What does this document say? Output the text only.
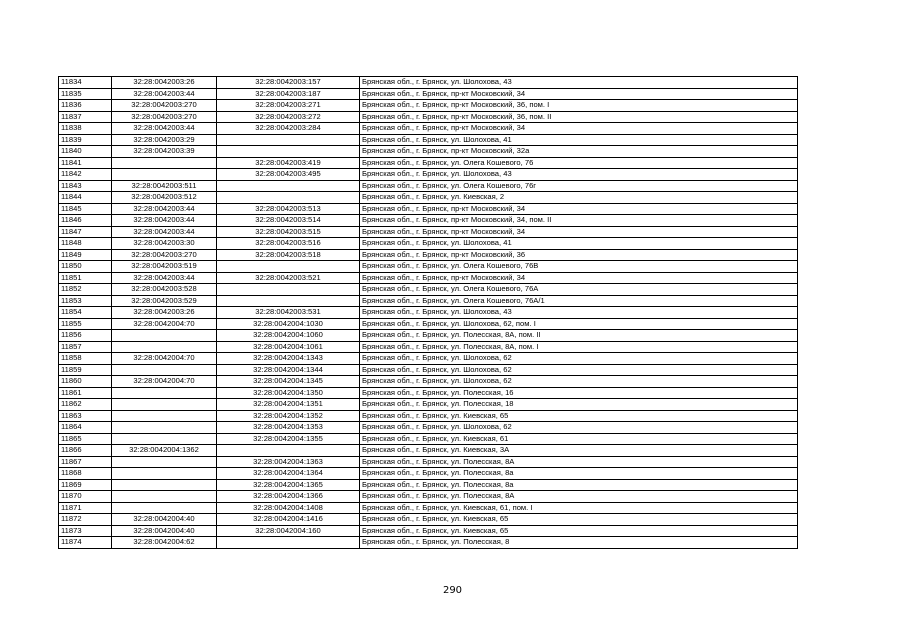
11834	32:28:0042003:26	32:28:0042003:157	Брянская обл., г. Брянск, ул. Шолохова, 43
11835	32:28:0042003:44	32:28:0042003:187	Брянская обл., г. Брянск, пр-кт Московский, 34
11836	32:28:0042003:270	32:28:0042003:271	Брянская обл., г. Брянск, пр-кт Московский, 36, пом. I
11837	32:28:0042003:270	32:28:0042003:272	Брянская обл., г. Брянск, пр-кт Московский, 36, пом. II
11838	32:28:0042003:44	32:28:0042003:284	Брянская обл., г. Брянск, пр-кт Московский, 34
11839	32:28:0042003:29		Брянская обл., г. Брянск, ул. Шолохова, 41
11840	32:28:0042003:39		Брянская обл., г. Брянск, пр-кт Московский, 32а
11841		32:28:0042003:419	Брянская обл., г. Брянск, ул. Олега Кошевого, 76
11842		32:28:0042003:495	Брянская обл., г. Брянск, ул. Шолохова, 43
11843	32:28:0042003:511		Брянская обл., г. Брянск, ул. Олега Кошевого, 76г
11844	32:28:0042003:512		Брянская обл., г. Брянск, ул. Киевская, 2
11845	32:28:0042003:44	32:28:0042003:513	Брянская обл., г. Брянск, пр-кт Московский, 34
11846	32:28:0042003:44	32:28:0042003:514	Брянская обл., г. Брянск, пр-кт Московский, 34, пом. II
11847	32:28:0042003:44	32:28:0042003:515	Брянская обл., г. Брянск, пр-кт Московский, 34
11848	32:28:0042003:30	32:28:0042003:516	Брянская обл., г. Брянск, ул. Шолохова, 41
11849	32:28:0042003:270	32:28:0042003:518	Брянская обл., г. Брянск, пр-кт Московский, 36
11850	32:28:0042003:519		Брянская обл., г. Брянск, ул. Олега Кошевого, 76В
11851	32:28:0042003:44	32:28:0042003:521	Брянская обл., г. Брянск, пр-кт Московский, 34
11852	32:28:0042003:528		Брянская обл., г. Брянск, ул. Олега Кошевого, 76А
11853	32:28:0042003:529		Брянская обл., г. Брянск, ул. Олега Кошевого, 76А/1
11854	32:28:0042003:26	32:28:0042003:531	Брянская обл., г. Брянск, ул. Шолохова, 43
11855	32:28:0042004:70	32:28:0042004:1030	Брянская обл., г. Брянск, ул. Шолохова, 62, пом. I
11856		32:28:0042004:1060	Брянская обл., г. Брянск, ул. Полесская, 8А, пом. II
11857		32:28:0042004:1061	Брянская обл., г. Брянск, ул. Полесская, 8А, пом. I
11858	32:28:0042004:70	32:28:0042004:1343	Брянская обл., г. Брянск, ул. Шолохова, 62
11859		32:28:0042004:1344	Брянская обл., г. Брянск, ул. Шолохова, 62
11860	32:28:0042004:70	32:28:0042004:1345	Брянская обл., г. Брянск, ул. Шолохова, 62
11861		32:28:0042004:1350	Брянская обл., г. Брянск, ул. Полесская, 16
11862		32:28:0042004:1351	Брянская обл., г. Брянск, ул. Полесская, 18
11863		32:28:0042004:1352	Брянская обл., г. Брянск, ул. Киевская, 65
11864		32:28:0042004:1353	Брянская обл., г. Брянск, ул. Шолохова, 62
11865		32:28:0042004:1355	Брянская обл., г. Брянск, ул. Киевская, 61
11866	32:28:0042004:1362		Брянская обл., г. Брянск, ул. Киевская, 3А
11867		32:28:0042004:1363	Брянская обл., г. Брянск, ул. Полесская, 8А
11868		32:28:0042004:1364	Брянская обл., г. Брянск, ул. Полесская, 8а
11869		32:28:0042004:1365	Брянская обл., г. Брянск, ул. Полесская, 8а
11870		32:28:0042004:1366	Брянская обл., г. Брянск, ул. Полесская, 8А
11871		32:28:0042004:1408	Брянская обл., г. Брянск, ул. Киевская, 61, пом. I
11872	32:28:0042004:40	32:28:0042004:1416	Брянская обл., г. Брянск, ул. Киевская, 65
11873	32:28:0042004:40	32:28:0042004:160	Брянская обл., г. Брянск, ул. Киевская, 65
11874	32:28:0042004:62		Брянская обл., г. Брянск, ул. Полесская, 8
290
